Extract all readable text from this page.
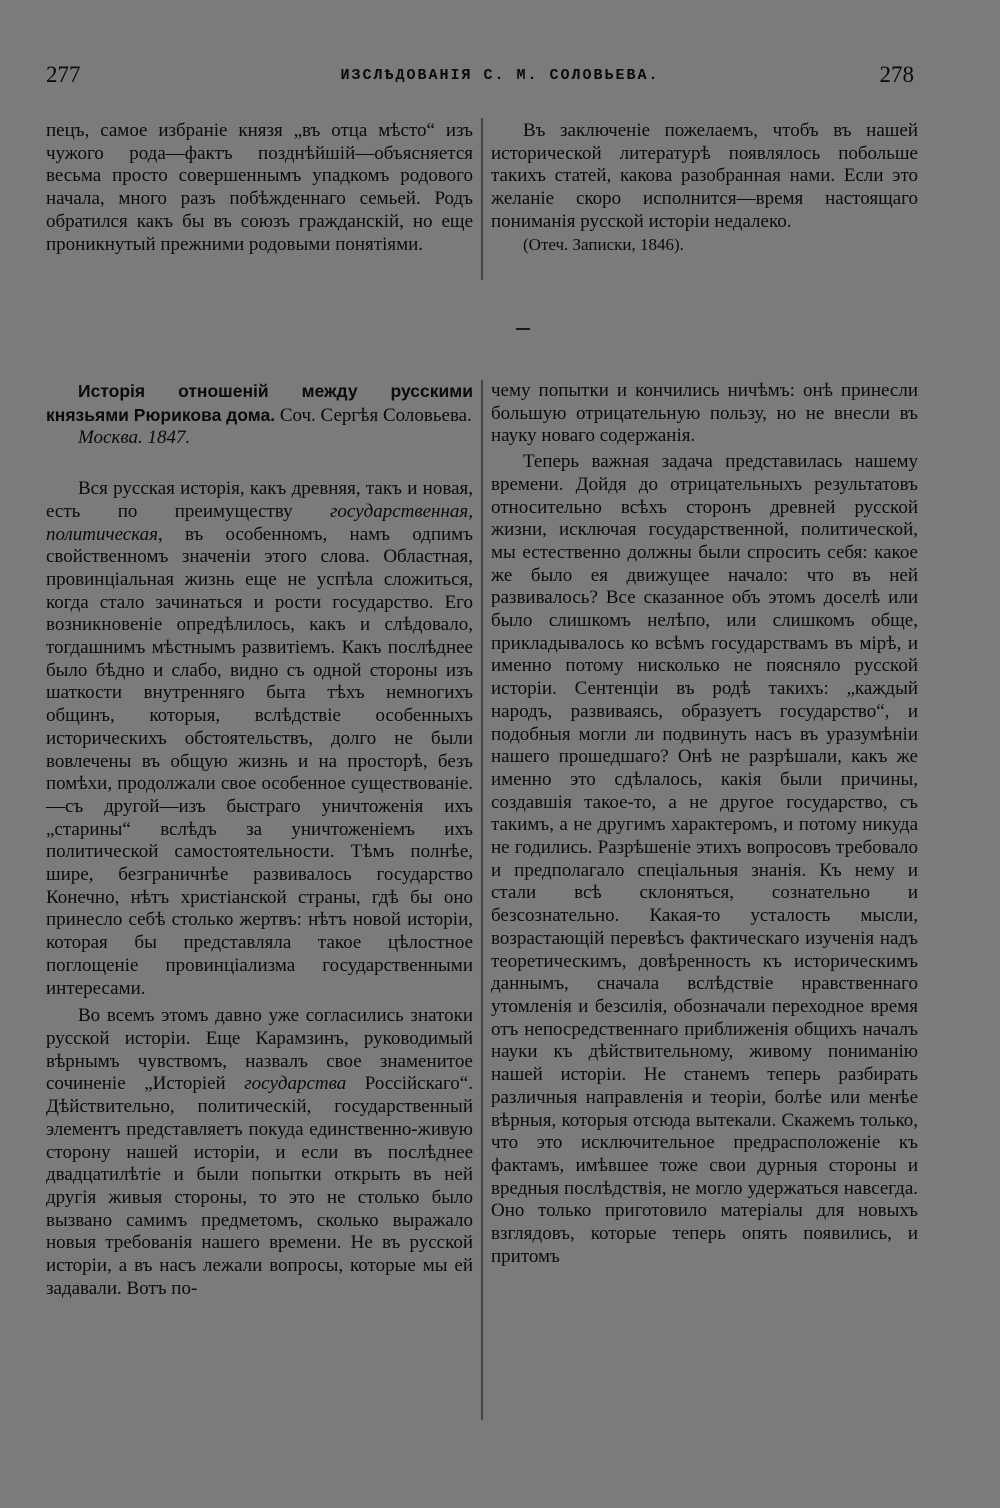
277	ИЗСЛѢДОВАНІЯ С. М. СОЛОВЬЕВА.	278

пецъ, самое избраніе князя „въ отца мѣсто“ изъ чужого рода—фактъ позднѣйшій—объясняется весьма просто совершеннымъ упадкомъ родового начала, много разъ побѣжденнаго семьей. Родъ обратился какъ бы въ союзъ гражданскій, но еще проникнутый прежними родовыми понятіями.

Въ заключеніе пожелаемъ, чтобъ въ нашей исторической литературѣ появлялось побольше такихъ статей, какова разобранная нами. Если это желаніе скоро исполнится—время настоящаго пониманія русской исторіи недалеко.

(Отеч. Записки, 1846).

Исторія отношеній между русскими князьями Рюрикова дома. Соч. Сергѣя Соловьева.
Москва. 1847.

Вся русская исторія, какъ древняя, такъ и новая, есть по преимуществу государственная, политическая, въ особенномъ, намъ одпимъ свойственномъ значеніи этого слова. Областная, провинціальная жизнь еще не успѣла сложиться, когда стало зачинаться и рости государство. Его возникновеніе опредѣлилось, какъ и слѣдовало, тогдашнимъ мѣстнымъ развитіемъ. Какъ послѣднее было бѣдно и слабо, видно съ одной стороны изъ шаткости внутренняго быта тѣхъ немногихъ общинъ, которыя, вслѣдствіе особенныхъ историческихъ обстоятельствъ, долго не были вовлечены въ общую жизнь и на просторѣ, безъ помѣхи, продолжали свое особенное существованіе.—съ другой—изъ быстраго уничтоженія ихъ „старины“ вслѣдъ за уничтоженіемъ ихъ политической самостоятельности. Тѣмъ полнѣе, шире, безграничнѣе развивалось государство Конечно, нѣтъ христіанской страны, гдѣ бы оно принесло себѣ столько жертвъ: нѣтъ новой исторіи, которая бы представляла такое цѣлостное поглощеніе провинціализма государственными интересами.

Во всемъ этомъ давно уже согласились знатоки русской исторіи. Еще Карамзинъ, руководимый вѣрнымъ чувствомъ, назвалъ свое знаменитое сочиненіе „Исторіей государства Россійскаго“. Дѣйствительно, политическій, государственный элементъ представляетъ покуда единственно-живую сторону нашей исторіи, и если въ послѣднее двадцатилѣтіе и были попытки открыть въ ней другія живыя стороны, то это не столько было вызвано самимъ предметомъ, сколько выражало новыя требованія нашего времени. Не въ русской исторіи, а въ насъ лежали вопросы, которые мы ей задавали. Вотъ по-

чему попытки и кончились ничѣмъ: онѣ принесли большую отрицательную пользу, но не внесли въ науку новаго содержанія.

Теперь важная задача представилась нашему времени. Дойдя до отрицательныхъ результатовъ относительно всѣхъ сторонъ древней русской жизни, исключая государственной, политической, мы естественно должны были спросить себя: какое же было ея движущее начало: что въ ней развивалось? Все сказанное объ этомъ доселѣ или было слишкомъ нелѣпо, или слишкомъ обще, прикладывалось ко всѣмъ государствамъ въ мірѣ, и именно потому нисколько не поясняло русской исторіи. Сентенціи въ родѣ такихъ: „каждый народъ, развиваясь, образуетъ государство“, и подобныя могли ли подвинуть насъ въ уразумѣніи нашего прошедшаго? Онѣ не разрѣшали, какъ же именно это сдѣлалось, какія были причины, создавшія такое-то, а не другое государство, съ такимъ, а не другимъ характеромъ, и потому никуда не годились. Разрѣшеніе этихъ вопросовъ требовало и предполагало спеціальныя знанія. Къ нему и стали всѣ склоняться, сознательно и безсознательно. Какая-то усталость мысли, возрастающій перевѣсъ фактическаго изученія надъ теоретическимъ, довѣренность къ историческимъ даннымъ, сначала вслѣдствіе нравственнаго утомленія и безсилія, обозначали переходное время отъ непосредственнаго приближенія общихъ началъ науки къ дѣйствительному, живому пониманію нашей исторіи. Не станемъ теперь разбирать различныя направленія и теоріи, болѣе или менѣе вѣрныя, которыя отсюда вытекали. Скажемъ только, что это исключительное предрасположеніе къ фактамъ, имѣвшее тоже свои дурныя стороны и вредныя послѣдствія, не могло удержаться навсегда. Оно только приготовило матеріалы для новыхъ взглядовъ, которые теперь опять появились, и притомъ
